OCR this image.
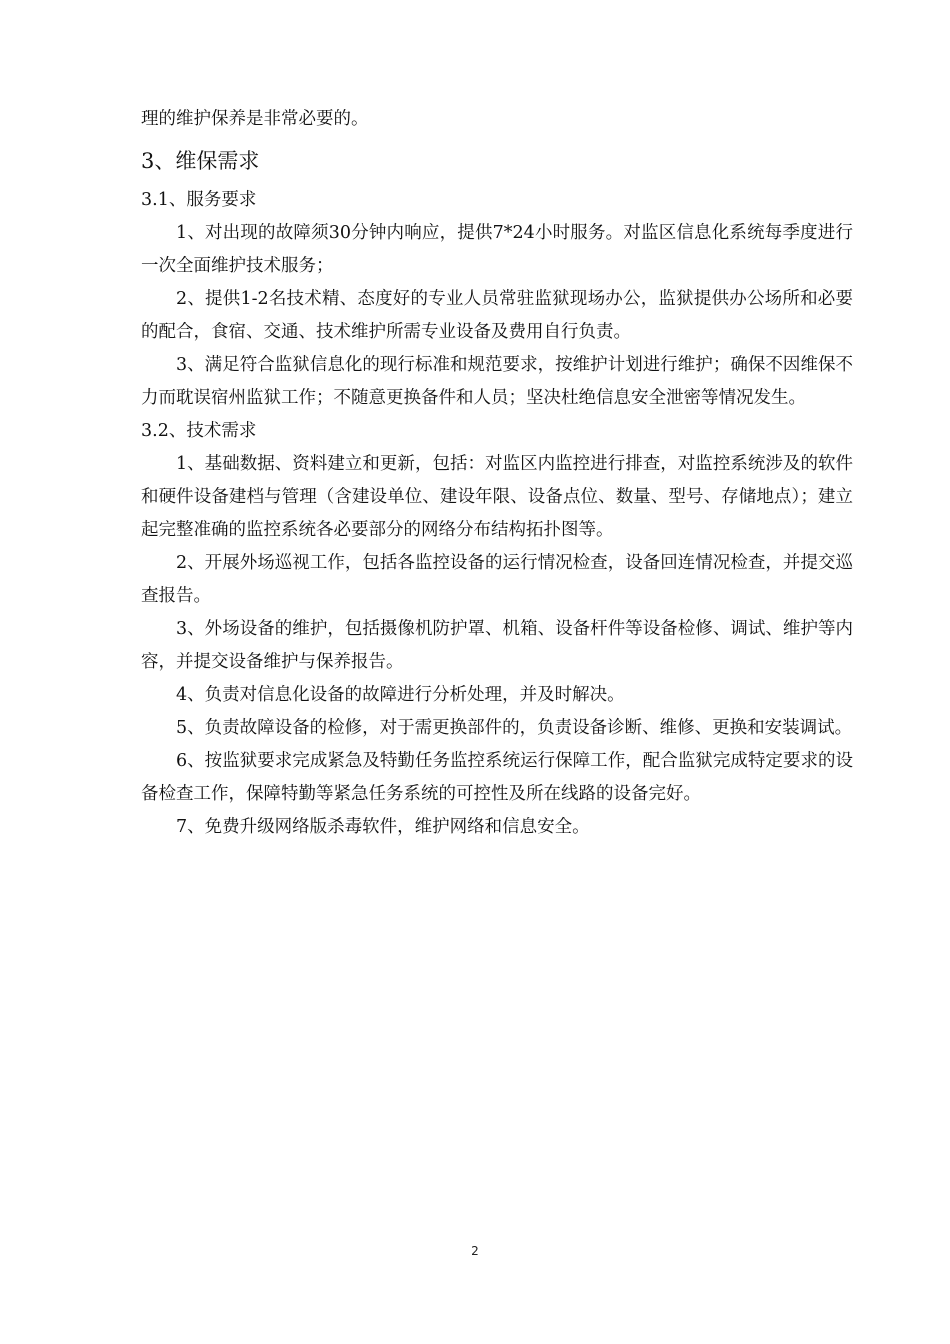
理的维护保养是非常必要的。

3、维保需求
3.1、服务要求

1、对出现的故障须30分钟内响应，提供7*24小时服务。对监区信息化系统每季度进行一次全面维护技术服务；

2、提供1-2名技术精、态度好的专业人员常驻监狱现场办公，监狱提供办公场所和必要的配合，食宿、交通、技术维护所需专业设备及费用自行负责。

3、满足符合监狱信息化的现行标准和规范要求，按维护计划进行维护；确保不因维保不力而耽误宿州监狱工作；不随意更换备件和人员；坚决杜绝信息安全泄密等情况发生。

3.2、技术需求

1、基础数据、资料建立和更新，包括：对监区内监控进行排查，对监控系统涉及的软件和硬件设备建档与管理（含建设单位、建设年限、设备点位、数量、型号、存储地点）；建立起完整准确的监控系统各必要部分的网络分布结构拓扑图等。

2、开展外场巡视工作，包括各监控设备的运行情况检查，设备回连情况检查，并提交巡查报告。

3、外场设备的维护，包括摄像机防护罩、机箱、设备杆件等设备检修、调试、维护等内容，并提交设备维护与保养报告。

4、负责对信息化设备的故障进行分析处理，并及时解决。

5、负责故障设备的检修，对于需更换部件的，负责设备诊断、维修、更换和安装调试。

6、按监狱要求完成紧急及特勤任务监控系统运行保障工作，配合监狱完成特定要求的设备检查工作，保障特勤等紧急任务系统的可控性及所在线路的设备完好。

7、免费升级网络版杀毒软件，维护网络和信息安全。

2
